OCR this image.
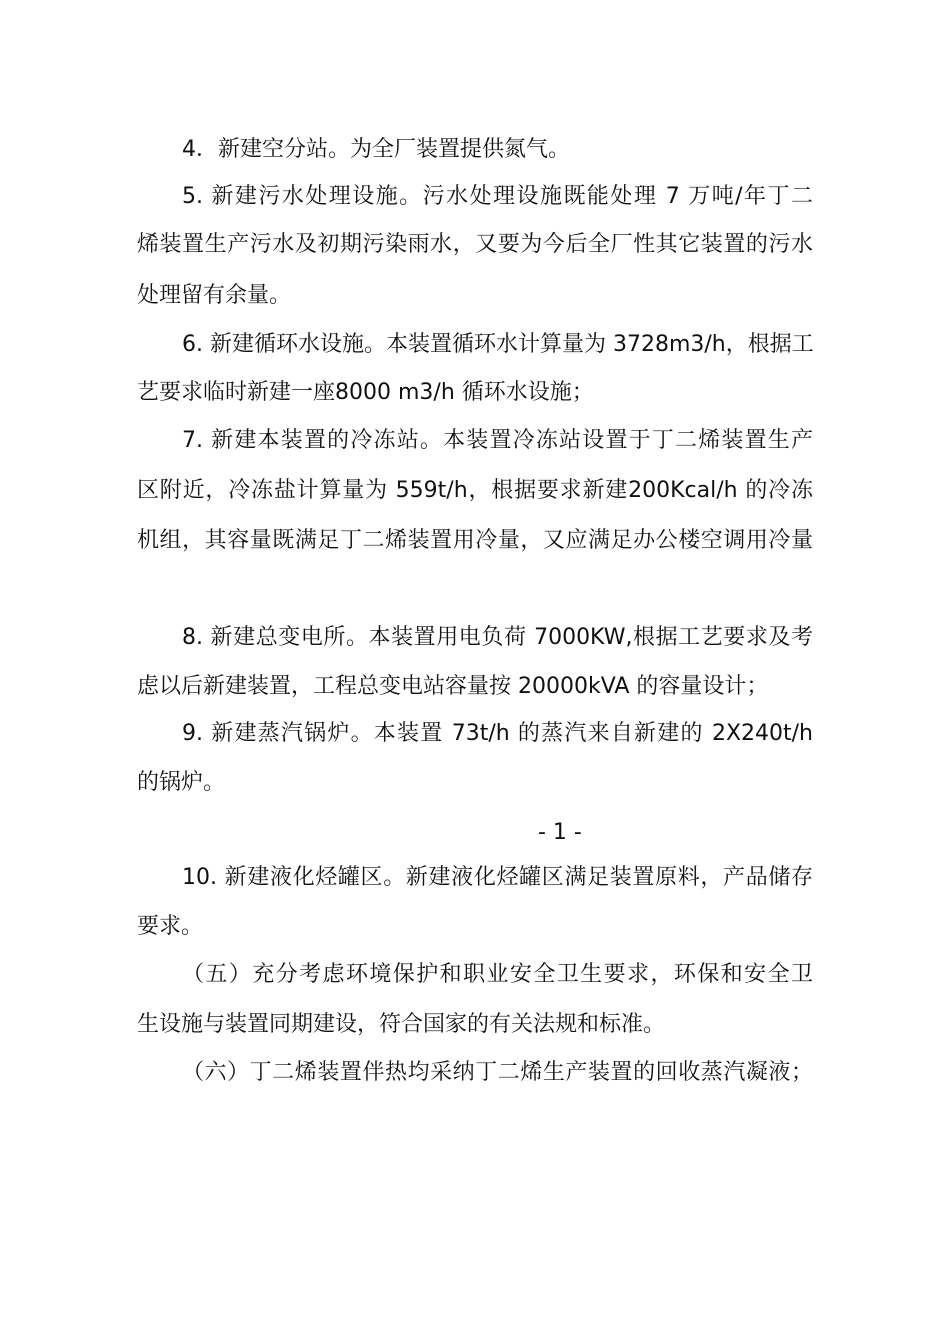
4．新建空分站。为全厂装置提供氮气。
5. 新建污水处理设施。污水处理设施既能处理 7 万吨/年丁二
烯装置生产污水及初期污染雨水，又要为今后全厂性其它装置的污水
处理留有余量。
6. 新建循环水设施。本装置循环水计算量为 3728m3/h，根据工
艺要求临时新建一座8000 m3/h 循环水设施；
7. 新建本装置的冷冻站。本装置冷冻站设置于丁二烯装置生产
区附近，冷冻盐计算量为 559t/h，根据要求新建200Kcal/h 的冷冻
机组，其容量既满足丁二烯装置用冷量，又应满足办公楼空调用冷量
8. 新建总变电所。本装置用电负荷 7000KW,根据工艺要求及考
虑以后新建装置，工程总变电站容量按 20000kVA 的容量设计；
9. 新建蒸汽锅炉。本装置 73t/h 的蒸汽来自新建的 2X240t/h
的锅炉。
- 1 -
10. 新建液化烃罐区。新建液化烃罐区满足装置原料，产品储存
要求。
（五）充分考虑环境保护和职业安全卫生要求，环保和安全卫
生设施与装置同期建设，符合国家的有关法规和标准。
（六）丁二烯装置伴热均采纳丁二烯生产装置的回收蒸汽凝液；
